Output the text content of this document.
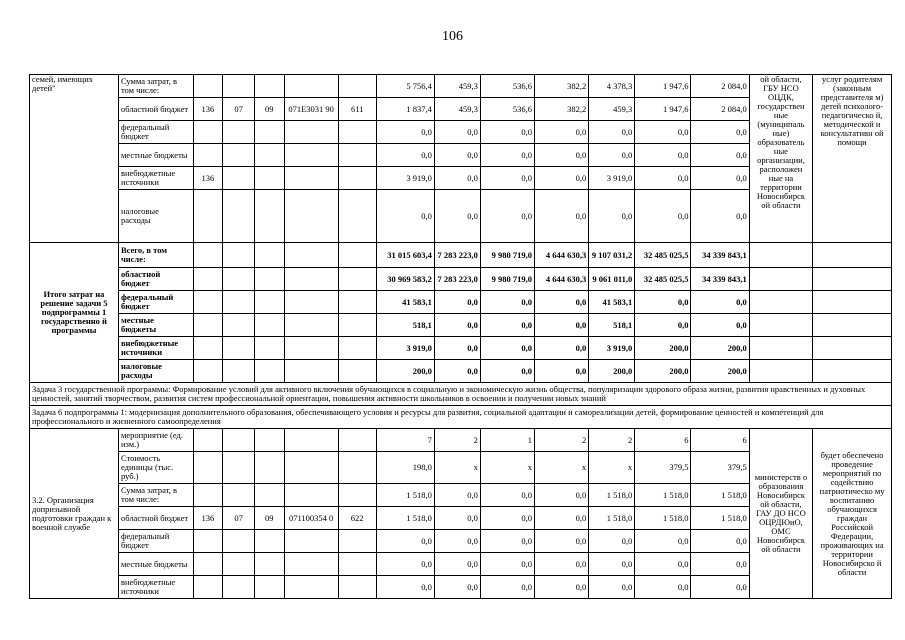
106
семей, имеющих детей"	Сумма затрат, в том числе:						5 756,4	459,3	536,6	382,2	4 378,3	1 947,6	2 084,0	ой области, ГБУ НСО ОЦДК, государствен ные (муниципаль ные) образователь ные организации, расположен ные на территории Новосибирск ой области	услуг родителям (законным представителя м) детей психолого-педагогическо й, методической и консультативн ой помощи
	областной бюджет	136	07	09	071E3031 90	611	1 837,4	459,3	536,6	382,2	459,3	1 947,6	2 084,0		
	федеральный бюджет						0,0	0,0	0,0	0,0	0,0	0,0	0,0		
	местные бюджеты						0,0	0,0	0,0	0,0	0,0	0,0	0,0		
	внебюджетные источники	136					3 919,0	0,0	0,0	0,0	3 919,0	0,0	0,0		
	налоговые расходы						0,0	0,0	0,0	0,0	0,0	0,0	0,0		
Итого затрат на решение задачи 5 подпрограммы 1 государственно й программы	Всего, в том числе:						31 015 603,4	7 283 223,0	9 980 719,0	4 644 630,3	9 107 031,2	32 485 025,5	34 339 843,1		
	областной бюджет						30 969 583,2	7 283 223,0	9 980 719,0	4 644 630,3	9 061 011,0	32 485 025,5	34 339 843,1		
	федеральный бюджет						41 583,1	0,0	0,0	0,0	41 583,1	0,0	0,0		
	местные бюджеты						518,1	0,0	0,0	0,0	518,1	0,0	0,0		
	внебюджетные источники						3 919,0	0,0	0,0	0,0	3 919,0	200,0	200,0		
	налоговые расходы						200,0	0,0	0,0	0,0	200,0	200,0	200,0		
Задача 3 государственной программы: Формирование условий для активного включения обучающихся в социальную и экономическую жизнь общества, популяризации здорового образа жизни, развития нравственных и духовных ценностей, занятий творчеством, развития систем профессиональной ориентации, повышения активности школьников в освоении и получении новых знаний															
Задача 6 подпрограммы 1: модернизация дополнительного образования, обеспечивающего условия и ресурсы для развития, социальной адаптации и самореализации детей, формирование ценностей и компетенций для профессионального и жизненного самоопределения															
3.2. Организация допризывной подготовки граждан к военной службе	мероприятие (ед. изм.)						7	2	1	2	2	6	6	министерств о образования Новосибирск ой области, ГАУ ДО НСО ОЦРДЮиО, ОМС Новосибирск ой области	будет обеспечено проведение мероприятий по содействию патриотическо му воспитанию обучающихся граждан Российской Федерации, проживающих на территории Новосибирско й области
	Стоимость единицы (тыс. руб.)						198,0	х	х	х	х	379,5	379,5		
	Сумма затрат, в том числе:						1 518,0	0,0	0,0	0,0	1 518,0	1 518,0	1 518,0		
	областной бюджет	136	07	09	071100354 0	622	1 518,0	0,0	0,0	0,0	1 518,0	1 518,0	1 518,0		
	федеральный бюджет						0,0	0,0	0,0	0,0	0,0	0,0	0,0		
	местные бюджеты						0,0	0,0	0,0	0,0	0,0	0,0	0,0		
	внебюджетные источники						0,0	0,0	0,0	0,0	0,0	0,0	0,0		
